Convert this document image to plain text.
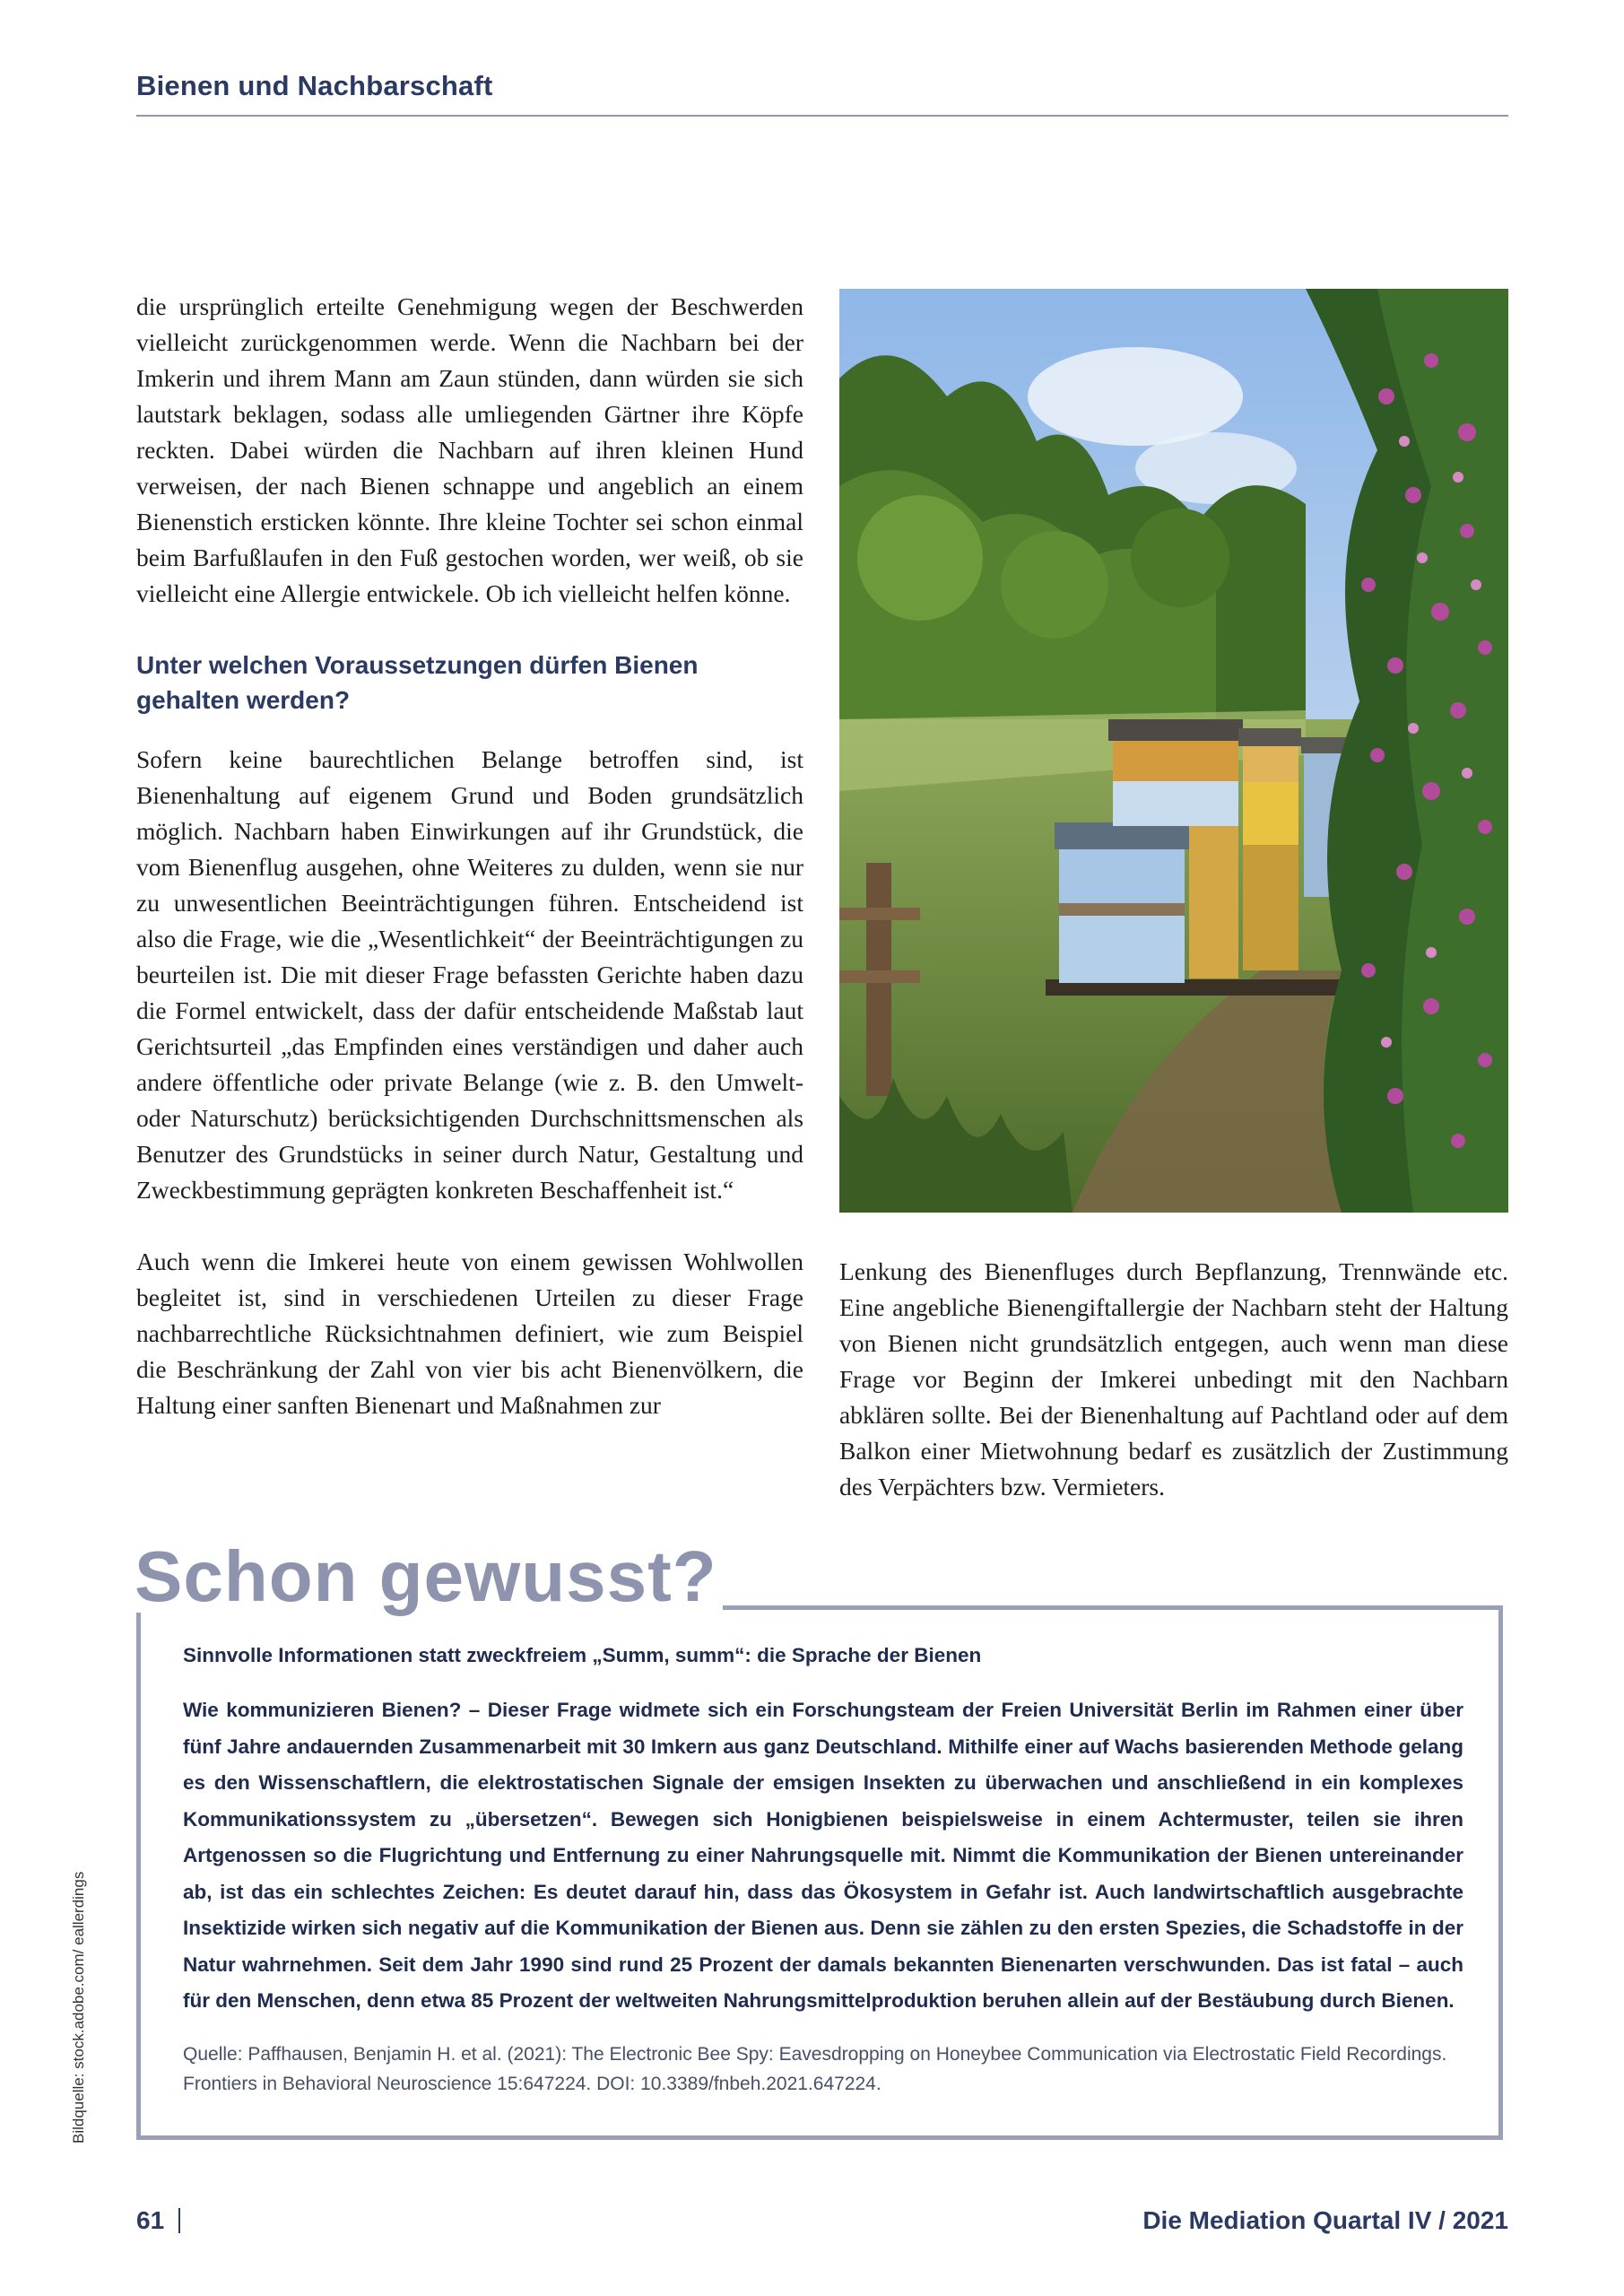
Bienen und Nachbarschaft

die ursprünglich erteilte Genehmigung wegen der Beschwerden vielleicht zurückgenommen werde. Wenn die Nachbarn bei der Imkerin und ihrem Mann am Zaun stünden, dann würden sie sich lautstark beklagen, sodass alle umliegenden Gärtner ihre Köpfe reckten. Dabei würden die Nachbarn auf ihren kleinen Hund verweisen, der nach Bienen schnappe und angeblich an einem Bienenstich ersticken könnte. Ihre kleine Tochter sei schon einmal beim Barfußlaufen in den Fuß gestochen worden, wer weiß, ob sie vielleicht eine Allergie entwickele. Ob ich vielleicht helfen könne.

Unter welchen Voraussetzungen dürfen Bienen gehalten werden?

Sofern keine baurechtlichen Belange betroffen sind, ist Bienenhaltung auf eigenem Grund und Boden grundsätzlich möglich. Nachbarn haben Einwirkungen auf ihr Grundstück, die vom Bienenflug ausgehen, ohne Weiteres zu dulden, wenn sie nur zu unwesentlichen Beeinträchtigungen führen. Entscheidend ist also die Frage, wie die „Wesentlichkeit“ der Beeinträchtigungen zu beurteilen ist. Die mit dieser Frage befassten Gerichte haben dazu die Formel entwickelt, dass der dafür entscheidende Maßstab laut Gerichtsurteil „das Empfinden eines verständigen und daher auch andere öffentliche oder private Belange (wie z. B. den Umwelt- oder Naturschutz) berücksichtigenden Durchschnittsmenschen als Benutzer des Grundstücks in seiner durch Natur, Gestaltung und Zweckbestimmung geprägten konkreten Beschaffenheit ist.“

Auch wenn die Imkerei heute von einem gewissen Wohlwollen begleitet ist, sind in verschiedenen Urteilen zu dieser Frage nachbarrechtliche Rücksichtnahmen definiert, wie zum Beispiel die Beschränkung der Zahl von vier bis acht Bienenvölkern, die Haltung einer sanften Bienenart und Maßnahmen zur

Lenkung des Bienenfluges durch Bepflanzung, Trennwände etc. Eine angebliche Bienengiftallergie der Nachbarn steht der Haltung von Bienen nicht grundsätzlich entgegen, auch wenn man diese Frage vor Beginn der Imkerei unbedingt mit den Nachbarn abklären sollte. Bei der Bienenhaltung auf Pachtland oder auf dem Balkon einer Mietwohnung bedarf es zusätzlich der Zustimmung des Verpächters bzw. Vermieters.

Schon gewusst?

Sinnvolle Informationen statt zweckfreiem „Summ, summ“: die Sprache der Bienen

Wie kommunizieren Bienen? – Dieser Frage widmete sich ein Forschungsteam der Freien Universität Berlin im Rahmen einer über fünf Jahre andauernden Zusammenarbeit mit 30 Imkern aus ganz Deutschland. Mithilfe einer auf Wachs basierenden Methode gelang es den Wissenschaftlern, die elektrostatischen Signale der emsigen Insekten zu überwachen und anschließend in ein komplexes Kommunikationssystem zu „übersetzen“. Bewegen sich Honigbienen beispielsweise in einem Achtermuster, teilen sie ihren Artgenossen so die Flugrichtung und Entfernung zu einer Nahrungsquelle mit. Nimmt die Kommunikation der Bienen untereinander ab, ist das ein schlechtes Zeichen: Es deutet darauf hin, dass das Ökosystem in Gefahr ist. Auch landwirtschaftlich ausgebrachte Insektizide wirken sich negativ auf die Kommunikation der Bienen aus. Denn sie zählen zu den ersten Spezies, die Schadstoffe in der Natur wahrnehmen. Seit dem Jahr 1990 sind rund 25 Prozent der damals bekannten Bienenarten verschwunden. Das ist fatal – auch für den Menschen, denn etwa 85 Prozent der weltweiten Nahrungsmittelproduktion beruhen allein auf der Bestäubung durch Bienen.

Quelle: Paffhausen, Benjamin H. et al. (2021): The Electronic Bee Spy: Eavesdropping on Honeybee Communication via Electrostatic Field Recordings. Frontiers in Behavioral Neuroscience 15:647224. DOI: 10.3389/fnbeh.2021.647224.

Bildquelle: stock.adobe.com/ eallerdings
61	Die Mediation Quartal IV / 2021
